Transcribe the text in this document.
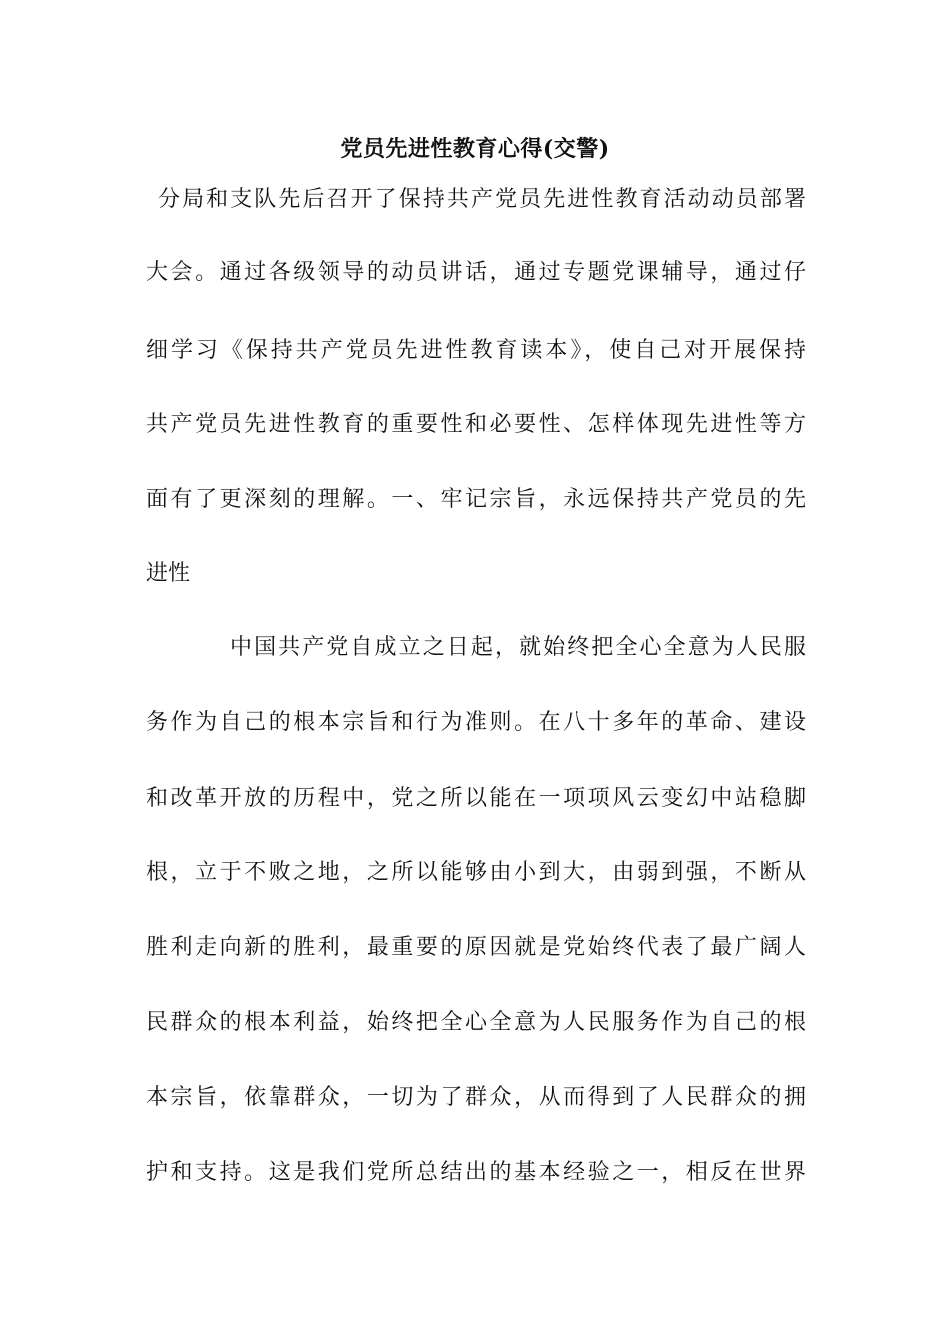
党员先进性教育心得(交警)
分局和支队先后召开了保持共产党员先进性教育活动动员部署
大会。通过各级领导的动员讲话，通过专题党课辅导，通过仔
细学习《保持共产党员先进性教育读本》，使自己对开展保持
共产党员先进性教育的重要性和必要性、怎样体现先进性等方
面有了更深刻的理解。一、牢记宗旨，永远保持共产党员的先
进性
中国共产党自成立之日起，就始终把全心全意为人民服
务作为自己的根本宗旨和行为准则。在八十多年的革命、建设
和改革开放的历程中，党之所以能在一项项风云变幻中站稳脚
根，立于不败之地，之所以能够由小到大，由弱到强，不断从
胜利走向新的胜利，最重要的原因就是党始终代表了最广阔人
民群众的根本利益，始终把全心全意为人民服务作为自己的根
本宗旨，依靠群众，一切为了群众，从而得到了人民群众的拥
护和支持。这是我们党所总结出的基本经验之一，相反在世界
